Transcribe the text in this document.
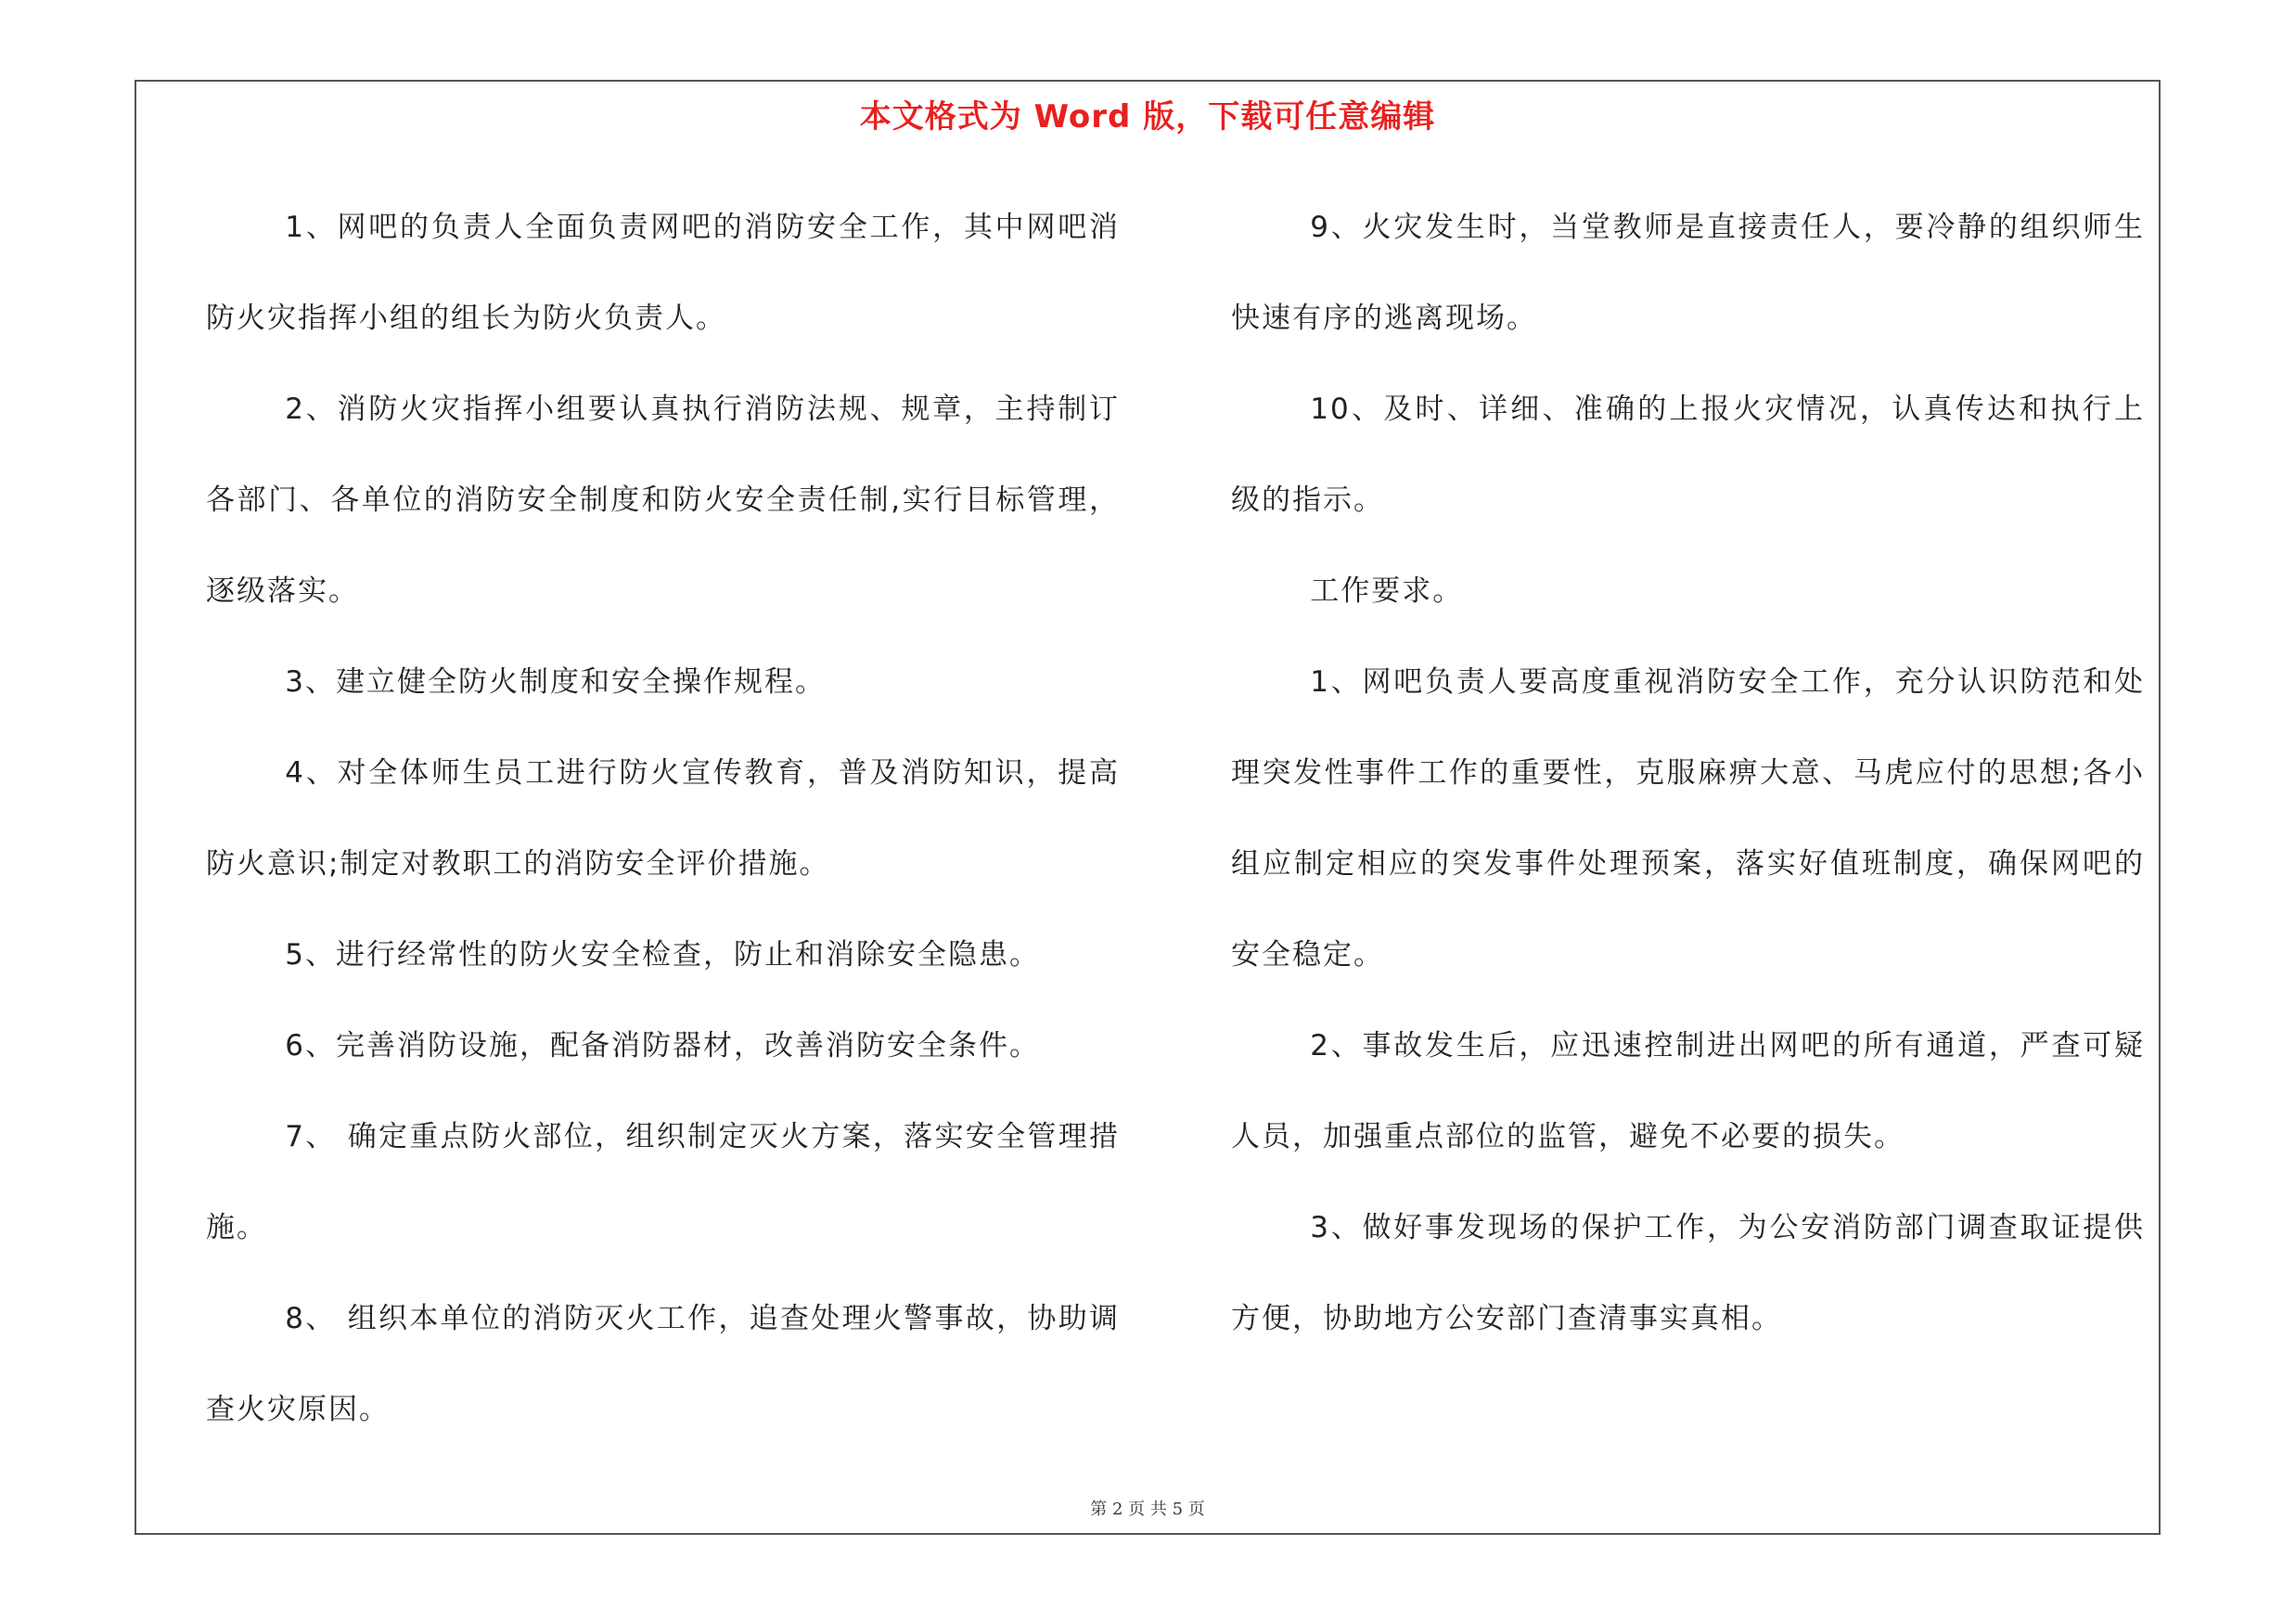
本文格式为 Word 版，下载可任意编辑

1、网吧的负责人全面负责网吧的消防安全工作，其中网吧消防火灾指挥小组的组长为防火负责人。

2、消防火灾指挥小组要认真执行消防法规、规章，主持制订各部门、各单位的消防安全制度和防火安全责任制,实行目标管理，逐级落实。

3、建立健全防火制度和安全操作规程。

4、对全体师生员工进行防火宣传教育，普及消防知识，提高防火意识;制定对教职工的消防安全评价措施。

5、进行经常性的防火安全检查，防止和消除安全隐患。

6、完善消防设施，配备消防器材，改善消防安全条件。

7、 确定重点防火部位，组织制定灭火方案，落实安全管理措施。

8、 组织本单位的消防灭火工作，追查处理火警事故，协助调查火灾原因。

9、火灾发生时，当堂教师是直接责任人，要冷静的组织师生快速有序的逃离现场。

10、及时、详细、准确的上报火灾情况，认真传达和执行上级的指示。

工作要求。

1、网吧负责人要高度重视消防安全工作，充分认识防范和处理突发性事件工作的重要性，克服麻痹大意、马虎应付的思想;各小组应制定相应的突发事件处理预案，落实好值班制度，确保网吧的安全稳定。

2、事故发生后，应迅速控制进出网吧的所有通道，严查可疑人员，加强重点部位的监管，避免不必要的损失。

3、做好事发现场的保护工作，为公安消防部门调查取证提供方便，协助地方公安部门查清事实真相。

第 2 页 共 5 页
